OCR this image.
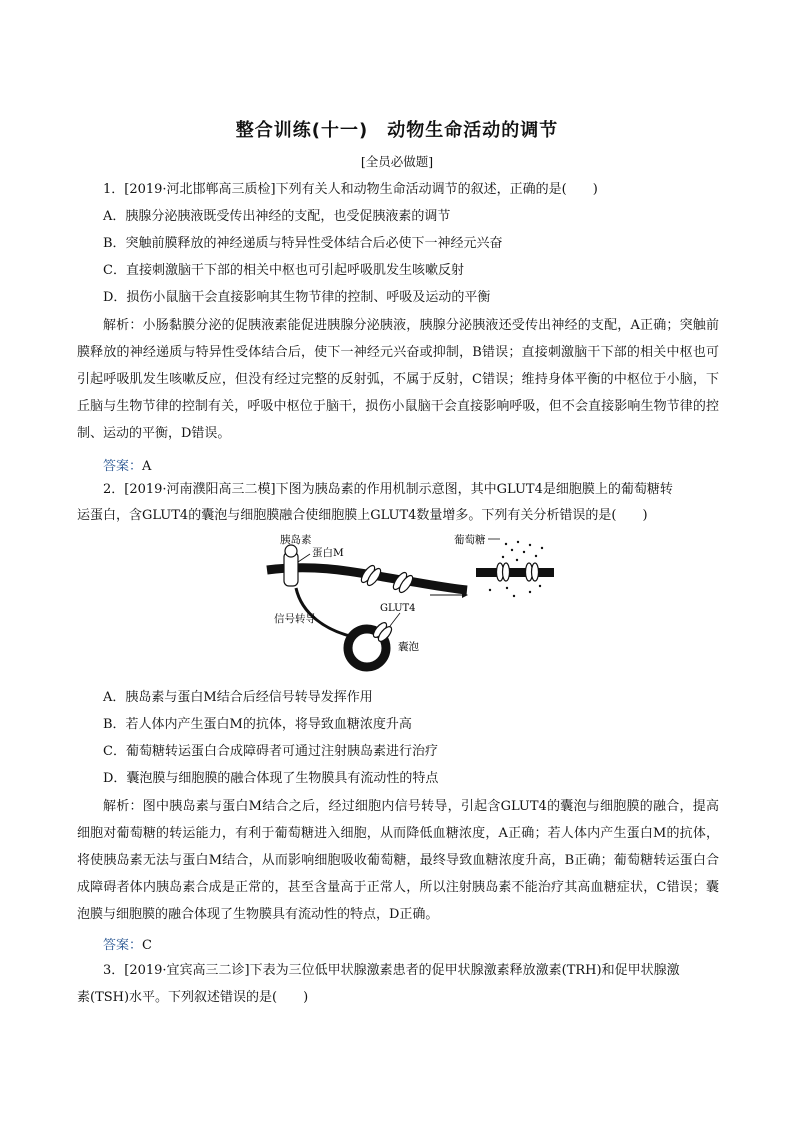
整合训练(十一)　动物生命活动的调节
[全员必做题]
1．[2019·河北邯郸高三质检]下列有关人和动物生命活动调节的叙述，正确的是(　　)
A．胰腺分泌胰液既受传出神经的支配，也受促胰液素的调节
B．突触前膜释放的神经递质与特异性受体结合后必使下一神经元兴奋
C．直接刺激脑干下部的相关中枢也可引起呼吸肌发生咳嗽反射
D．损伤小鼠脑干会直接影响其生物节律的控制、呼吸及运动的平衡
解析：小肠黏膜分泌的促胰液素能促进胰腺分泌胰液，胰腺分泌胰液还受传出神经的支配，A正确；突触前膜释放的神经递质与特异性受体结合后，使下一神经元兴奋或抑制，B错误；直接刺激脑干下部的相关中枢也可引起呼吸肌发生咳嗽反应，但没有经过完整的反射弧，不属于反射，C错误；维持身体平衡的中枢位于小脑，下丘脑与生物节律的控制有关，呼吸中枢位于脑干，损伤小鼠脑干会直接影响呼吸，但不会直接影响生物节律的控制、运动的平衡，D错误。
答案：A
2．[2019·河南濮阳高三二模]下图为胰岛素的作用机制示意图，其中GLUT4是细胞膜上的葡萄糖转
运蛋白，含GLUT4的囊泡与细胞膜融合使细胞膜上GLUT4数量增多。下列有关分析错误的是(　　)
信号转导
GLUT4
囊泡
胰岛素
蛋白M
葡萄糖
A．胰岛素与蛋白M结合后经信号转导发挥作用
B．若人体内产生蛋白M的抗体，将导致血糖浓度升高
C．葡萄糖转运蛋白合成障碍者可通过注射胰岛素进行治疗
D．囊泡膜与细胞膜的融合体现了生物膜具有流动性的特点
解析：图中胰岛素与蛋白M结合之后，经过细胞内信号转导，引起含GLUT4的囊泡与细胞膜的融合，提高细胞对葡萄糖的转运能力，有利于葡萄糖进入细胞，从而降低血糖浓度，A正确；若人体内产生蛋白M的抗体，将使胰岛素无法与蛋白M结合，从而影响细胞吸收葡萄糖，最终导致血糖浓度升高，B正确；葡萄糖转运蛋白合成障碍者体内胰岛素合成是正常的，甚至含量高于正常人，所以注射胰岛素不能治疗其高血糖症状，C错误；囊泡膜与细胞膜的融合体现了生物膜具有流动性的特点，D正确。
答案：C
3．[2019·宜宾高三二诊]下表为三位低甲状腺激素患者的促甲状腺激素释放激素(TRH)和促甲状腺激
素(TSH)水平。下列叙述错误的是(　　)
